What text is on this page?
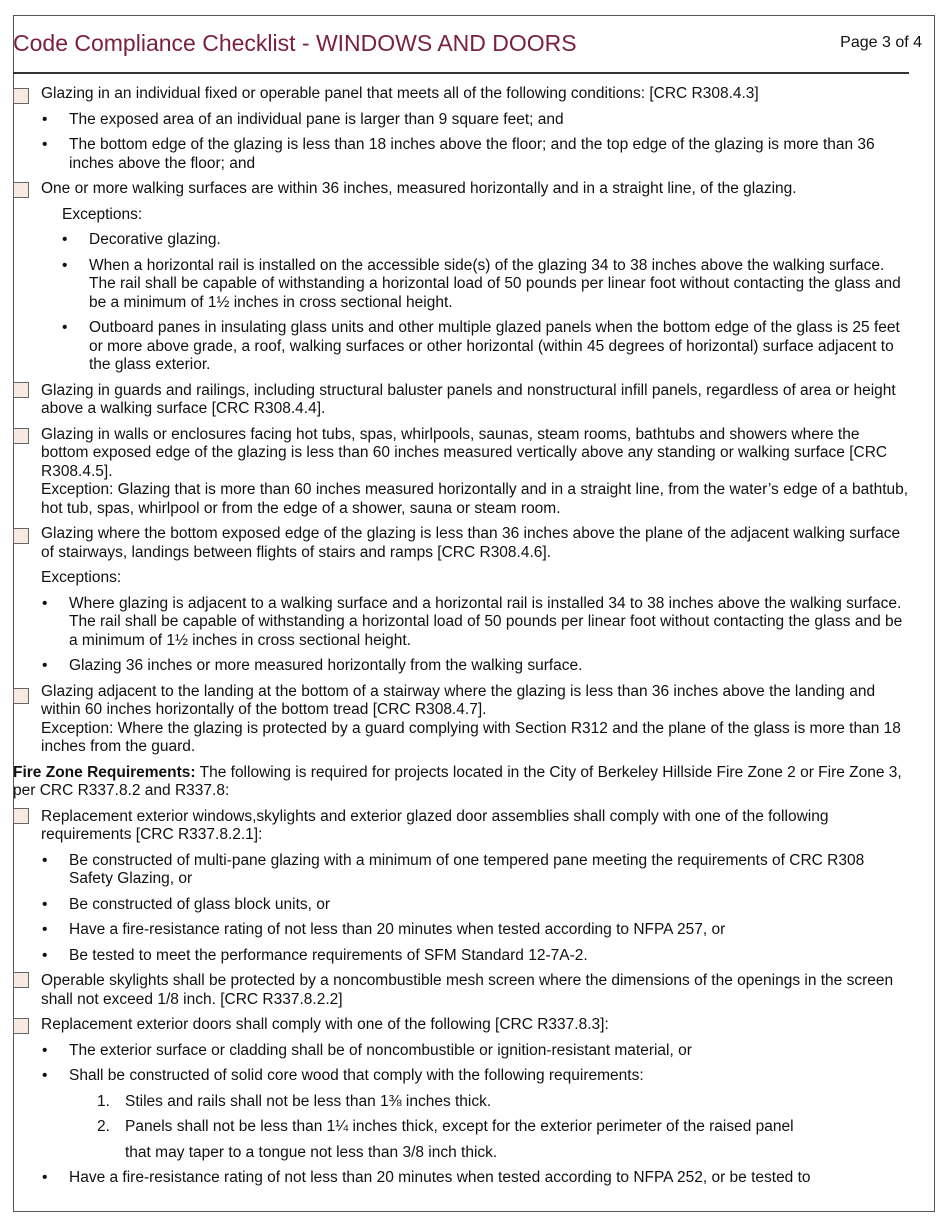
Code Compliance Checklist - WINDOWS AND DOORS	Page 3 of 4
Glazing in an individual fixed or operable panel that meets all of the following conditions: [CRC R308.4.3]
• The exposed area of an individual pane is larger than 9 square feet; and
• The bottom edge of the glazing is less than 18 inches above the floor; and the top edge of the glazing is more than 36 inches above the floor; and
One or more walking surfaces are within 36 inches, measured horizontally and in a straight line, of the glazing.
Exceptions:
• Decorative glazing.
• When a horizontal rail is installed on the accessible side(s) of the glazing 34 to 38 inches above the walking surface. The rail shall be capable of withstanding a horizontal load of 50 pounds per linear foot without contacting the glass and be a minimum of 1½ inches in cross sectional height.
• Outboard panes in insulating glass units and other multiple glazed panels when the bottom edge of the glass is 25 feet or more above grade, a roof, walking surfaces or other horizontal (within 45 degrees of horizontal) surface adjacent to the glass exterior.
Glazing in guards and railings, including structural baluster panels and nonstructural infill panels, regardless of area or height above a walking surface [CRC R308.4.4].
Glazing in walls or enclosures facing hot tubs, spas, whirlpools, saunas, steam rooms, bathtubs and showers where the bottom exposed edge of the glazing is less than 60 inches measured vertically above any standing or walking surface [CRC R308.4.5].
Exception: Glazing that is more than 60 inches measured horizontally and in a straight line, from the water’s edge of a bathtub, hot tub, spas, whirlpool or from the edge of a shower, sauna or steam room.
Glazing where the bottom exposed edge of the glazing is less than 36 inches above the plane of the adjacent walking surface of stairways, landings between flights of stairs and ramps [CRC R308.4.6].
Exceptions:
• Where glazing is adjacent to a walking surface and a horizontal rail is installed 34 to 38 inches above the walking surface. The rail shall be capable of withstanding a horizontal load of 50 pounds per linear foot without contacting the glass and be a minimum of 1½ inches in cross sectional height.
• Glazing 36 inches or more measured horizontally from the walking surface.
Glazing adjacent to the landing at the bottom of a stairway where the glazing is less than 36 inches above the landing and within 60 inches horizontally of the bottom tread [CRC R308.4.7].
Exception: Where the glazing is protected by a guard complying with Section R312 and the plane of the glass is more than 18 inches from the guard.
Fire Zone Requirements: The following is required for projects located in the City of Berkeley Hillside Fire Zone 2 or Fire Zone 3, per CRC R337.8.2 and R337.8:
Replacement exterior windows,skylights and exterior glazed door assemblies shall comply with one of the following requirements [CRC R337.8.2.1]:
• Be constructed of multi-pane glazing with a minimum of one tempered pane meeting the requirements of CRC R308 Safety Glazing, or
• Be constructed of glass block units, or
• Have a fire-resistance rating of not less than 20 minutes when tested according to NFPA 257, or
• Be tested to meet the performance requirements of SFM Standard 12-7A-2.
Operable skylights shall be protected by a noncombustible mesh screen where the dimensions of the openings in the screen shall not exceed 1/8 inch. [CRC R337.8.2.2]
Replacement exterior doors shall comply with one of the following [CRC R337.8.3]:
• The exterior surface or cladding shall be of noncombustible or ignition-resistant material, or
• Shall be constructed of solid core wood that comply with the following requirements:
1. Stiles and rails shall not be less than 1⅜ inches thick.
2. Panels shall not be less than 1¼ inches thick, except for the exterior perimeter of the raised panel
that may taper to a tongue not less than 3/8 inch thick.
• Have a fire-resistance rating of not less than 20 minutes when tested according to NFPA 252, or be tested to
